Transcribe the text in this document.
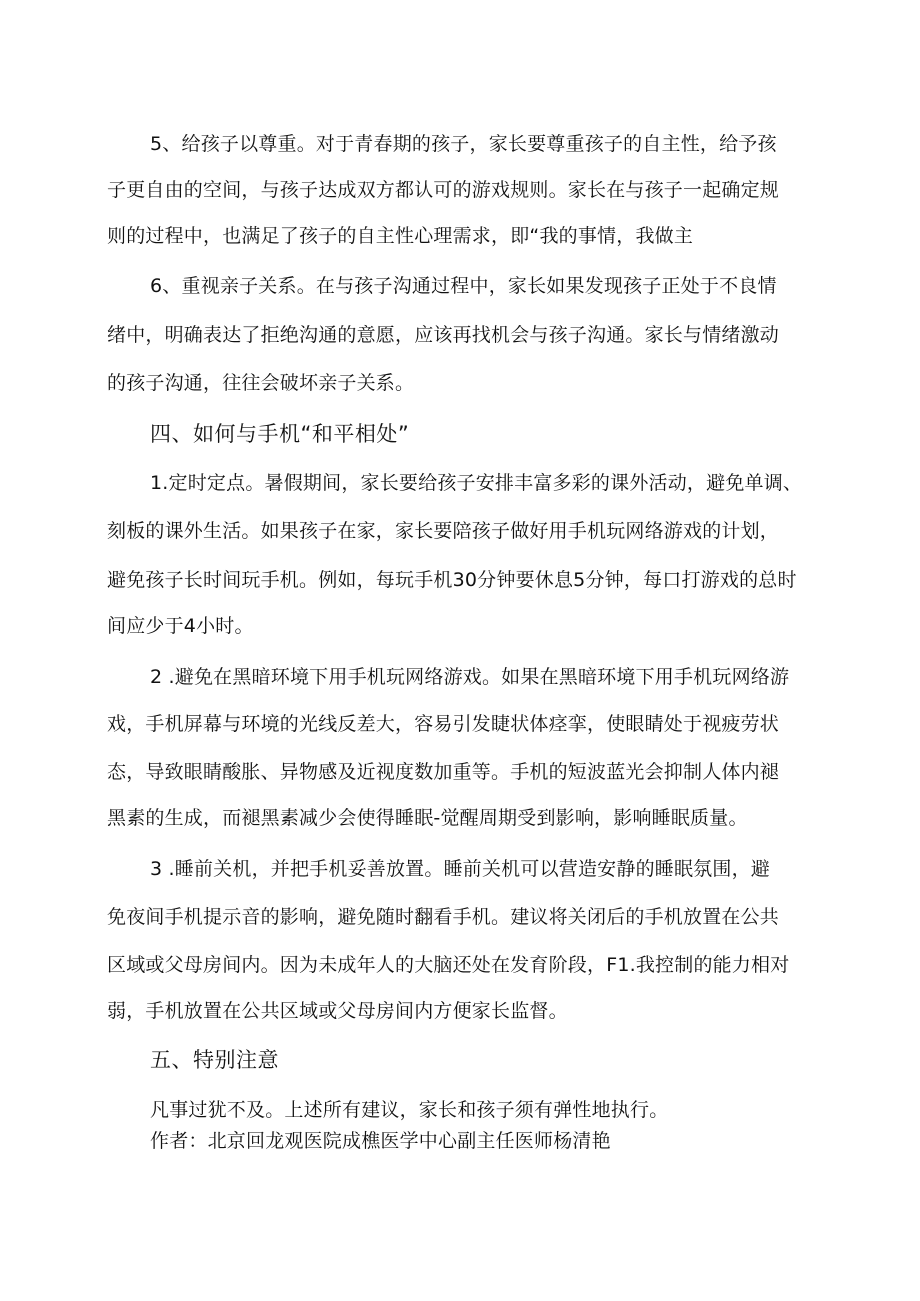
5、给孩子以尊重。对于青春期的孩子，家长要尊重孩子的自主性，给予孩
子更自由的空间，与孩子达成双方都认可的游戏规则。家长在与孩子一起确定规
则的过程中，也满足了孩子的自主性心理需求，即“我的事情，我做主
6、重视亲子关系。在与孩子沟通过程中，家长如果发现孩子正处于不良情
绪中，明确表达了拒绝沟通的意愿，应该再找机会与孩子沟通。家长与情绪激动
的孩子沟通，往往会破坏亲子关系。
四、如何与手机“和平相处”
1.定时定点。暑假期间，家长要给孩子安排丰富多彩的课外活动，避免单调、
刻板的课外生活。如果孩子在家，家长要陪孩子做好用手机玩网络游戏的计划，
避免孩子长时间玩手机。例如，每玩手机30分钟要休息5分钟，每口打游戏的总时
间应少于4小时。
2 .避免在黑暗环境下用手机玩网络游戏。如果在黑暗环境下用手机玩网络游
戏，手机屏幕与环境的光线反差大，容易引发睫状体痉挛，使眼睛处于视疲劳状
态，导致眼睛酸胀、异物感及近视度数加重等。手机的短波蓝光会抑制人体内褪
黑素的生成，而褪黑素减少会使得睡眠-觉醒周期受到影响，影响睡眠质量。
3 .睡前关机，并把手机妥善放置。睡前关机可以营造安静的睡眠氛围，避
免夜间手机提示音的影响，避免随时翻看手机。建议将关闭后的手机放置在公共
区域或父母房间内。因为未成年人的大脑还处在发育阶段，F1.我控制的能力相对
弱，手机放置在公共区域或父母房间内方便家长监督。
五、特别注意
凡事过犹不及。上述所有建议，家长和孩子须有弹性地执行。
作者：北京回龙观医院成樵医学中心副主任医师杨清艳
